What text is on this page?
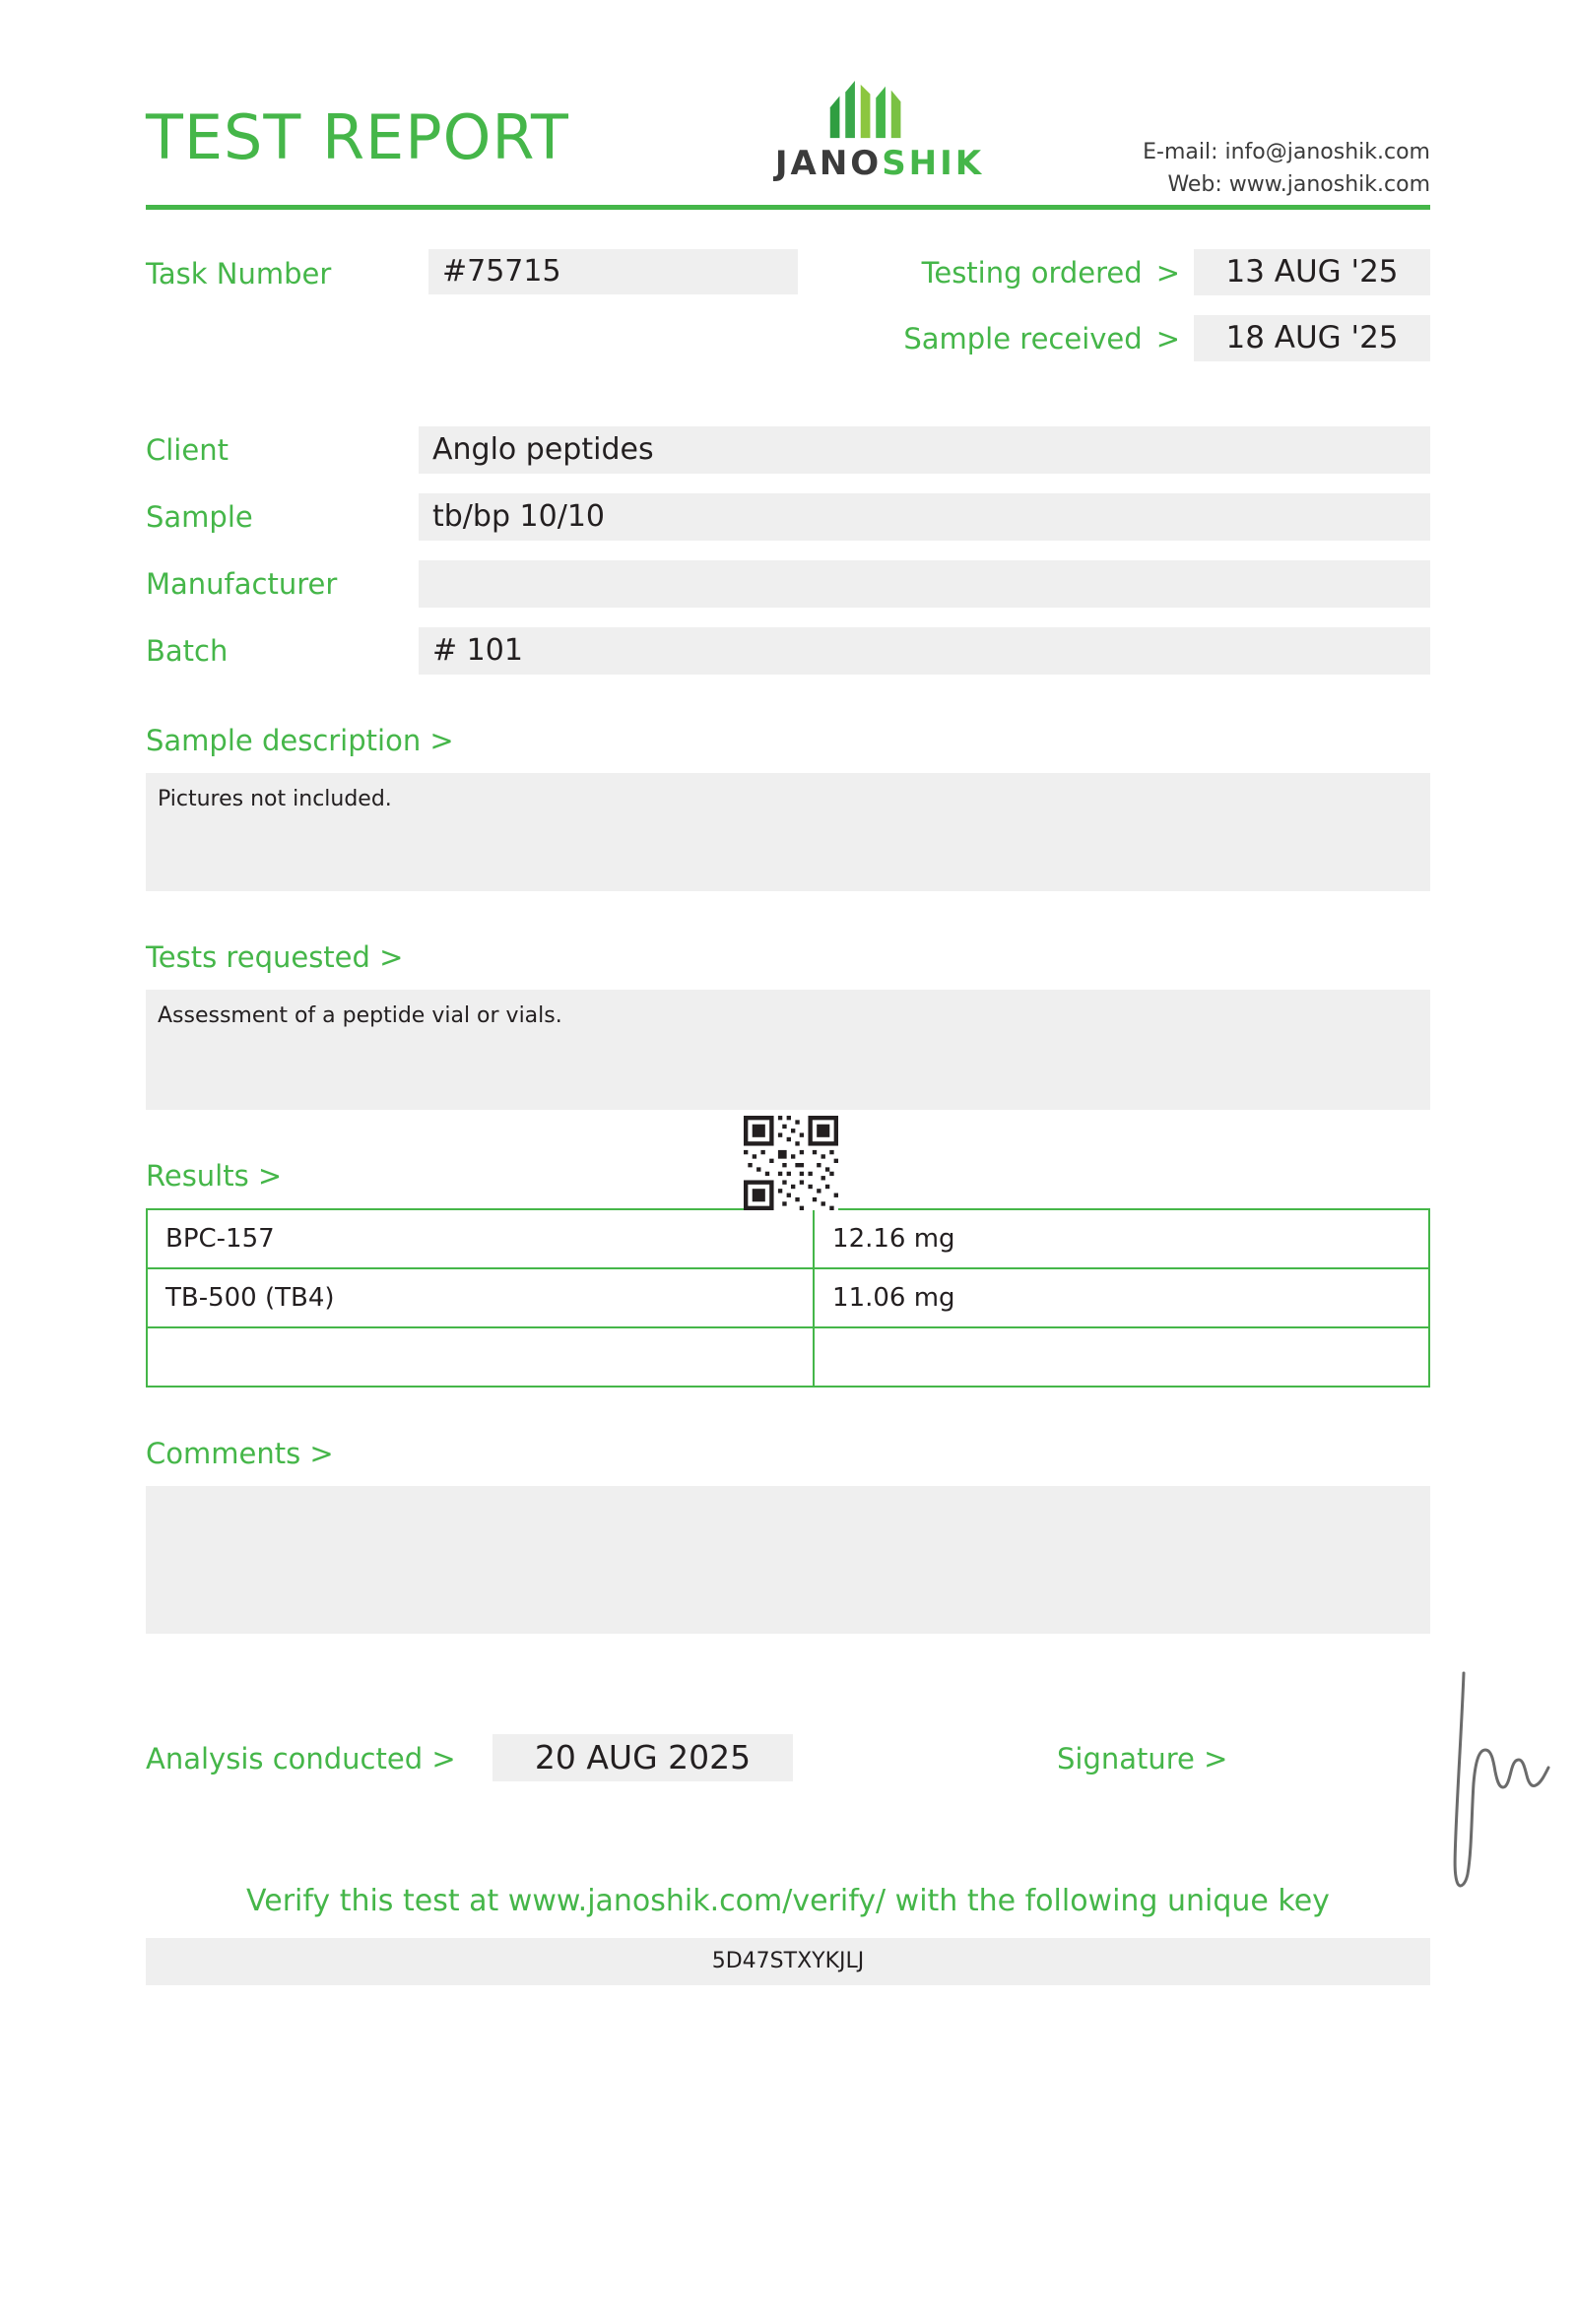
TEST REPORT	JANOSHIK	E-mail: info@janoshik.com
Web: www.janoshik.com
Task Number	#75715	Testing ordered >	13 AUG '25
Sample received >	18 AUG '25
Client	Anglo peptides
Sample	tb/bp 10/10
Manufacturer
Batch	# 101
Sample description >
Pictures not included.
Tests requested >
Assessment of a peptide vial or vials.
Results >
BPC-157	12.16 mg
TB-500 (TB4)	11.06 mg

Comments >
Analysis conducted >	20 AUG 2025	Signature >
Verify this test at www.janoshik.com/verify/ with the following unique key
5D47STXYKJLJ
